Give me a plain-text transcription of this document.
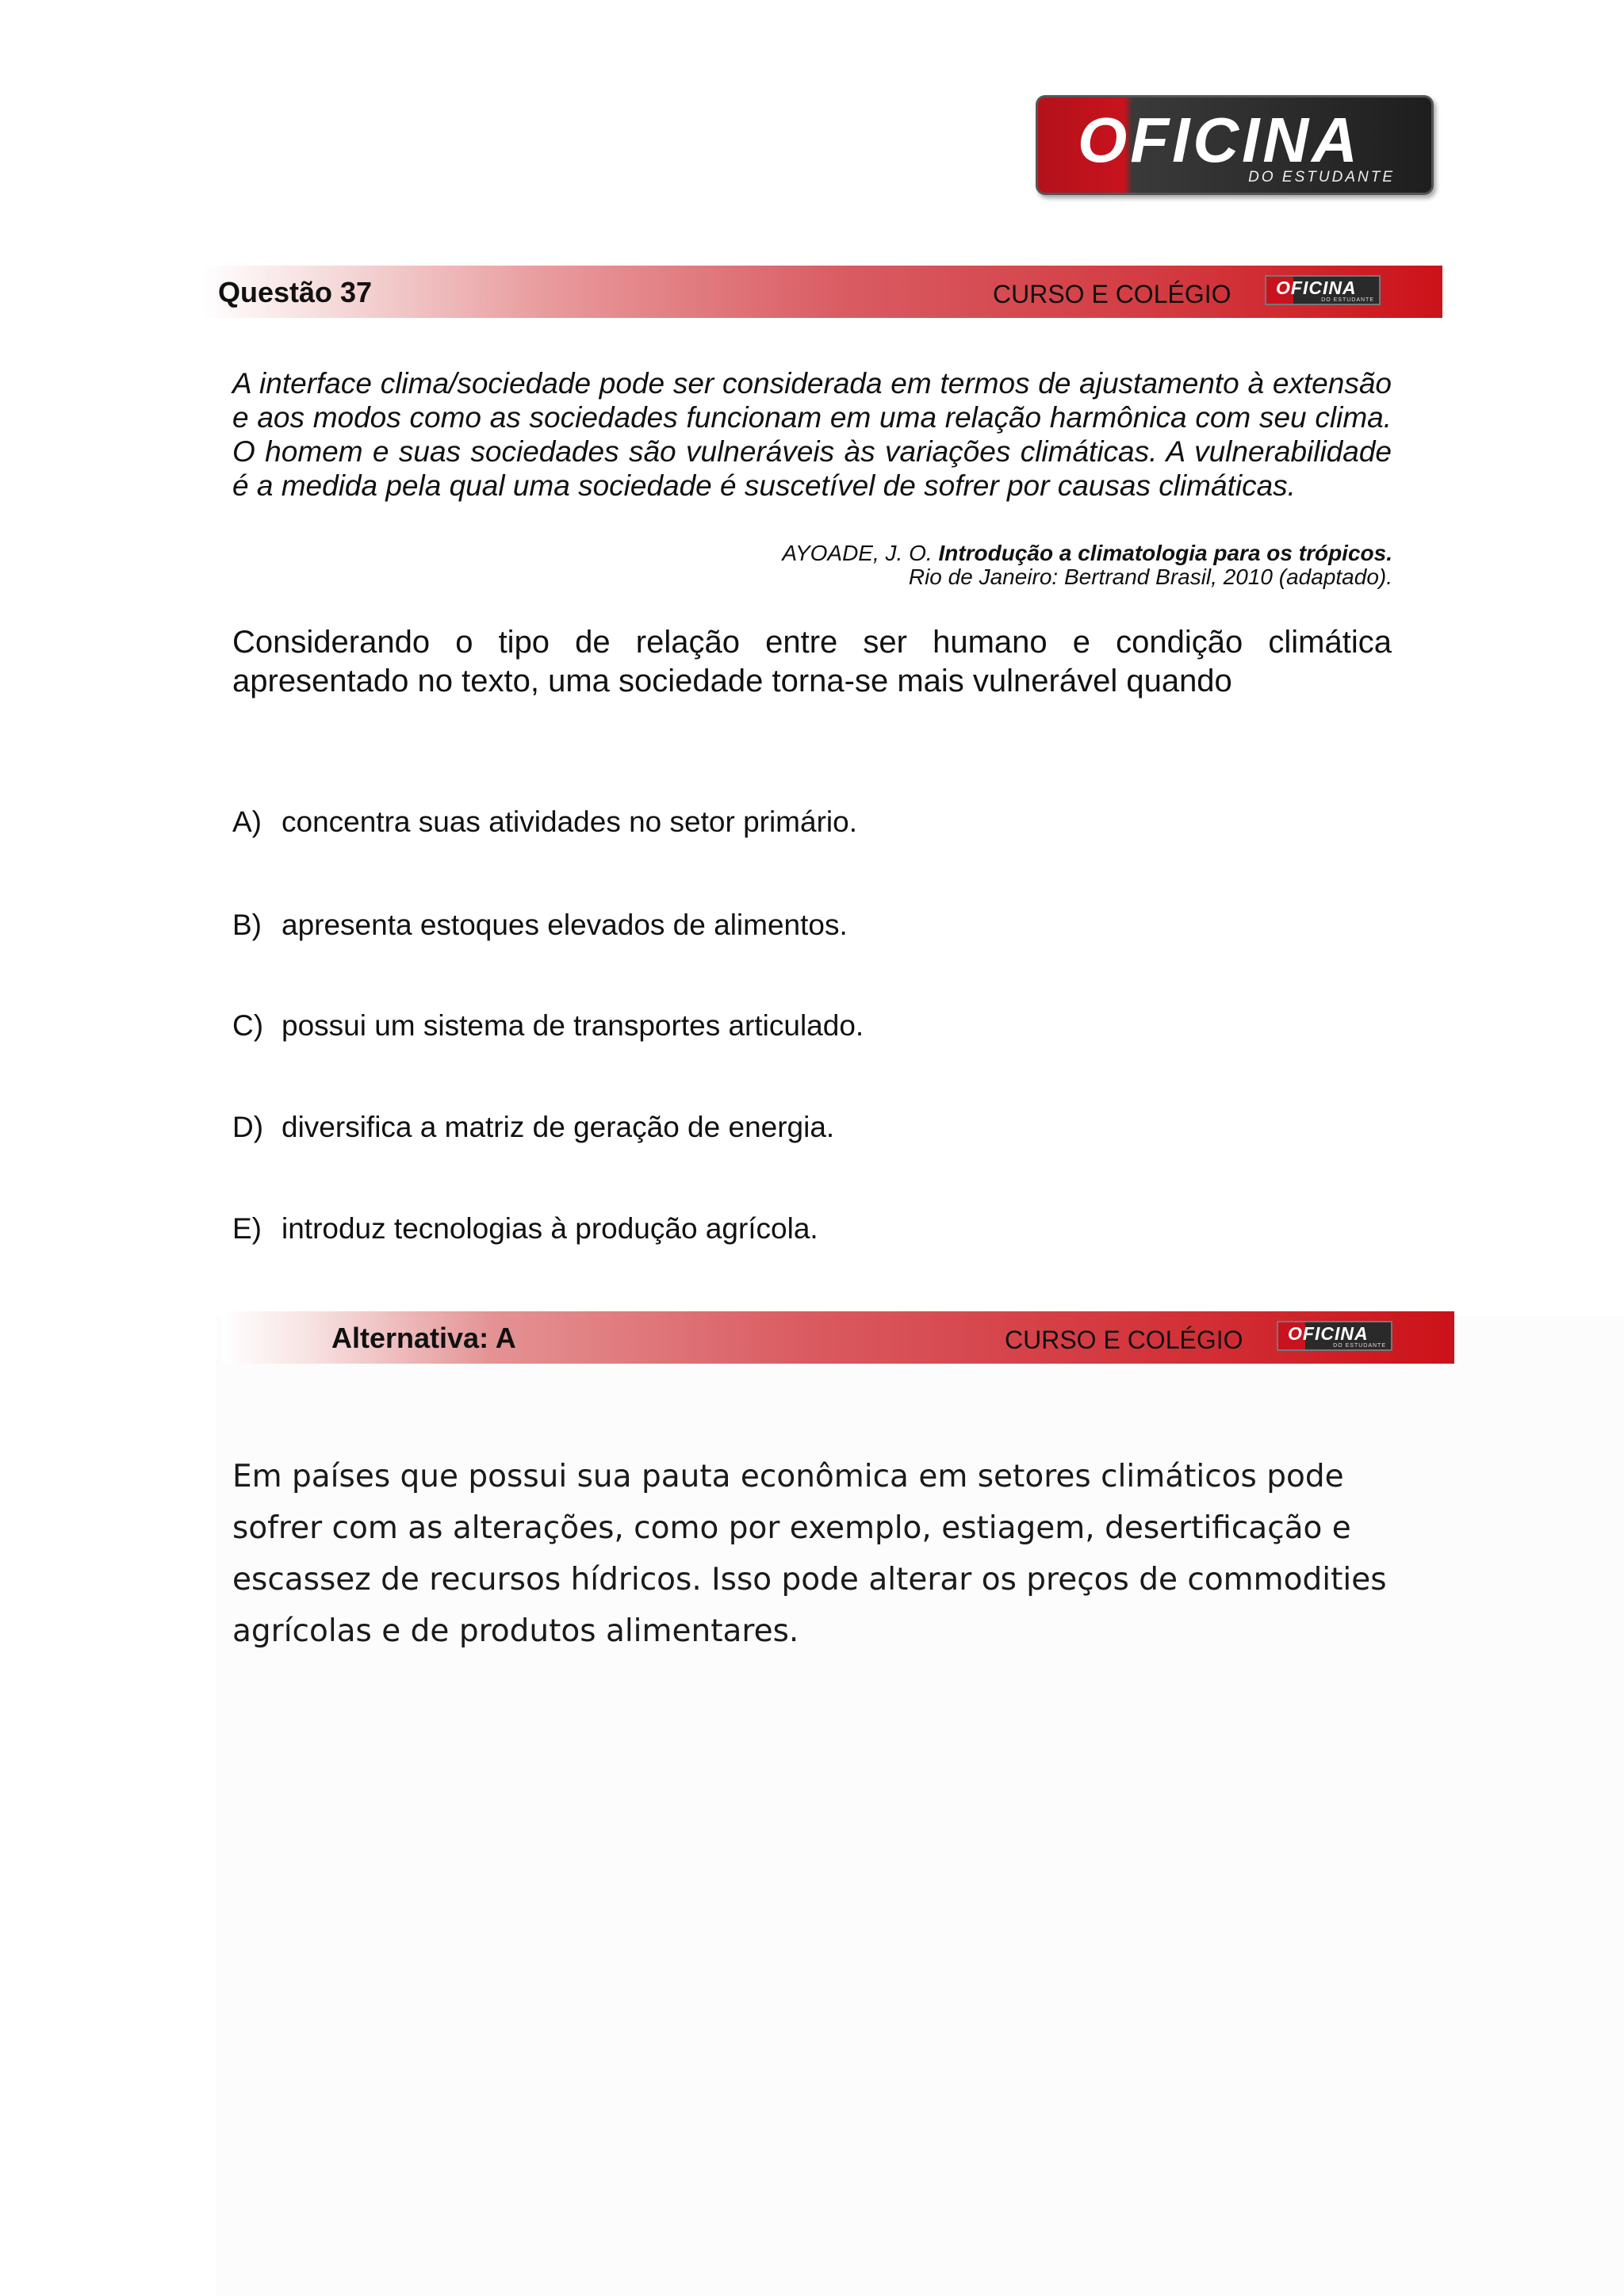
OFICINA
DO ESTUDANTE
Questão 37	CURSO E COLÉGIO OFICINA
DO ESTUDANTE

A interface clima/sociedade pode ser considerada em termos de ajustamento à extensão e aos modos como as sociedades funcionam em uma relação harmônica com seu clima. O homem e suas sociedades são vulneráveis às variações climáticas. A vulnerabilidade é a medida pela qual uma sociedade é suscetível de sofrer por causas climáticas.

AYOADE, J. O. Introdução a climatologia para os trópicos.
Rio de Janeiro: Bertrand Brasil, 2010 (adaptado).

Considerando o tipo de relação entre ser humano e condição climática apresentado no texto, uma sociedade torna-se mais vulnerável quando

A) concentra suas atividades no setor primário.
B) apresenta estoques elevados de alimentos.
C) possui um sistema de transportes articulado.
D) diversifica a matriz de geração de energia.
E) introduz tecnologias à produção agrícola.
Alternativa: A	CURSO E COLÉGIO OFICINA
DO ESTUDANTE

Em países que possui sua pauta econômica em setores climáticos pode sofrer com as alterações, como por exemplo, estiagem, desertificação e escassez de recursos hídricos. Isso pode alterar os preços de commodities agrícolas e de produtos alimentares.
